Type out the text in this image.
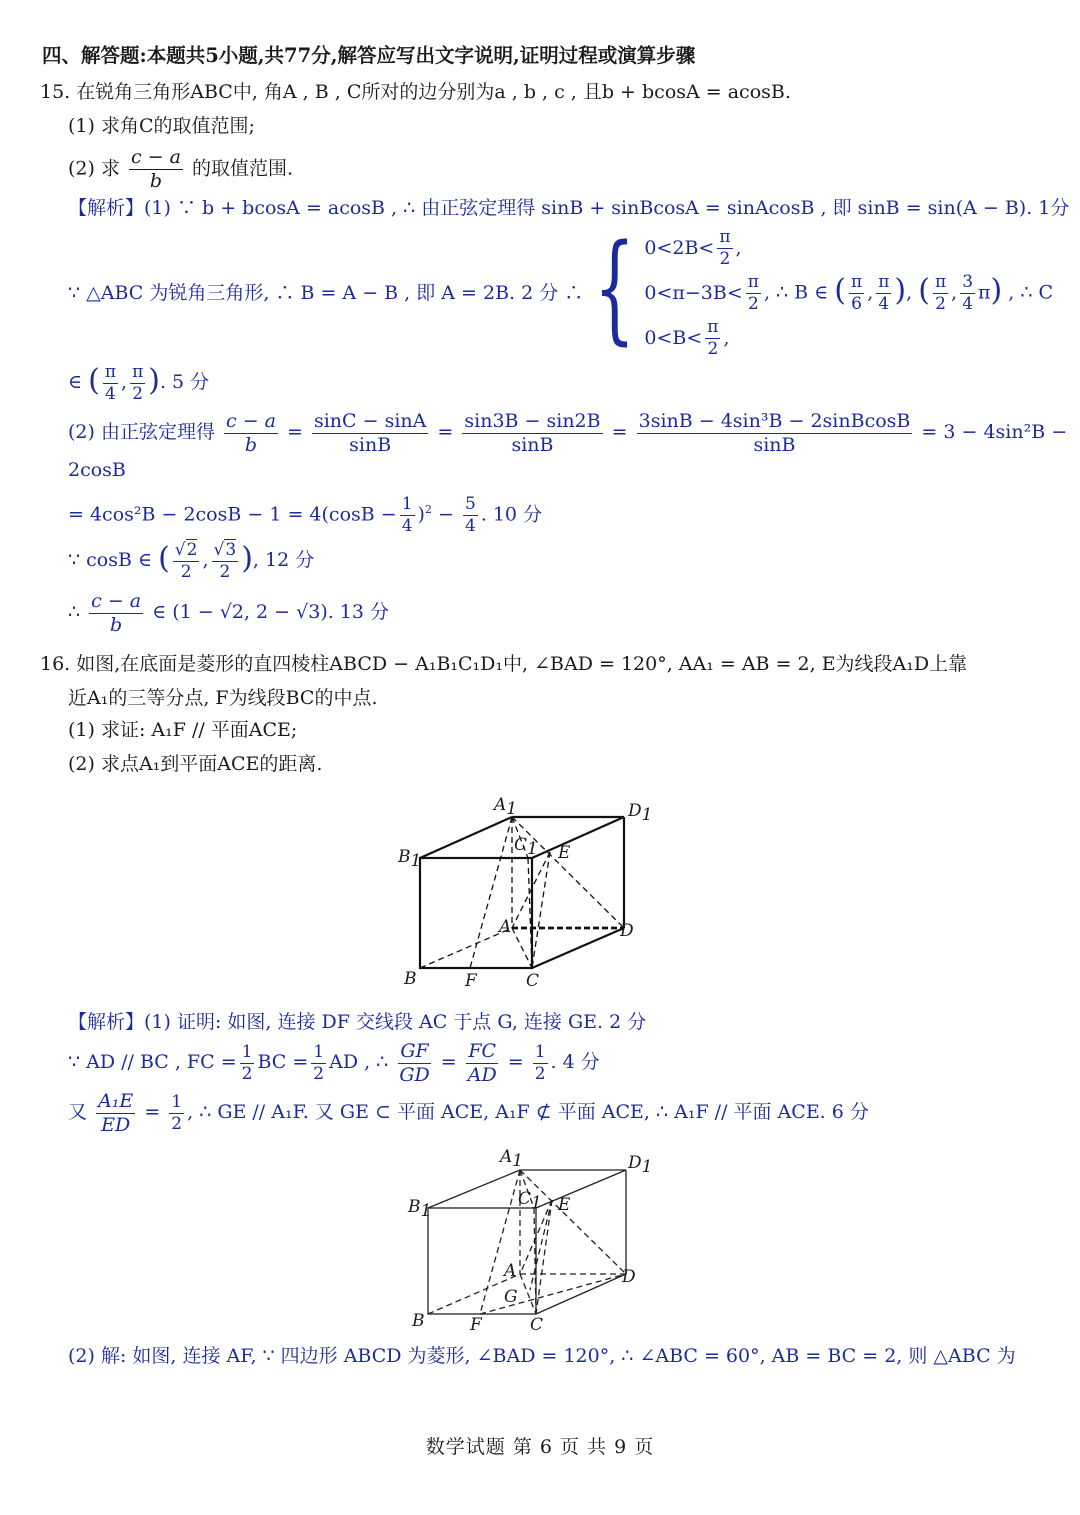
四、解答题:本题共5小题,共77分,解答应写出文字说明,证明过程或演算步骤
15. 在锐角三角形ABC中, 角A , B , C所对的边分别为a , b , c , 且b + bcosA = acosB.
(1) 求角C的取值范围;
(2) 求 $\frac{c - a}{b}$ 的取值范围.
【解析】(1) ∵ b + bcosA = acosB , ∴ 由正弦定理得 sinB + sinBcosA = sinAcosB , 即 sinB = sin(A − B). 1分
∵ △ABC 为锐角三角形, ∴ B = A − B , 即 A = 2B. 2 分 ∴ { $0<2B< \frac{\pi}{2}$ ,
$0<\pi-3B< \frac{\pi}{2}$
$0<B< \frac{\pi}{2}$ ,
, ∴ B ∈ ( $\frac{\pi}{6}$ , $\frac{\pi}{4}$ ), ( $\frac{\pi}{2}$ , $\frac{3}{4} \pi$) , ∴ C
∈ ( $\frac{\pi}{4}$ , $\frac{\pi}{2}$ ). 5 分
(2) 由正弦定理得 $\frac{c - a}{b} = \frac{\sin C - \sin A}{\sin B} = \frac{\sin 3B - \sin 2B}{\sin B} = \frac{\text{3sinB − 4sin³B − 2sinBcosB}}{\sin B} = 3 - 4\sin^2B$ −
2cosB
= $4\cos^2B - 2\cos B - 1 = 4(\cos B - \frac{1}{4} )^2 - \frac{5}{4}$ . 10 分
∵ cosB ∈ ( $\frac{√2}{2}$ , $\frac{√3}{2}$ ), 12 分
∴ $\frac{c - a}{b}$ ∈ (1 − √2, 2 − √3). 13 分
16. 如图,在底面是菱形的直四棱柱ABCD − A₁B₁C₁D₁中, ∠BAD = 120°, AA₁ = AB = 2, E为线段A₁D上靠
近A₁的三等分点, F为线段BC的中点.
(1) 求证: A₁F // 平面ACE;
(2) 求点A₁到平面ACE的距离.
A1	D1
B1
C1 E
A	D
B	F	C
【解析】(1) 证明: 如图, 连接 DF 交线段 AC 于点 G, 连接 GE. 2 分
∵ AD // BC , FC = $\frac{1}{2}$ BC = $\frac{1}{2}$ AD , ∴ $\frac{GF}{GD} = \frac{FC}{AD} = \frac{1}{2}$ . 4 分
又 $\frac{\text{A₁E}}{ED} = \frac{1}{2}$ , ∴ GE // A₁F. 又 GE ⊂ 平面 ACE, A₁F ⊄ 平面 ACE, ∴ A₁F // 平面 ACE. 6 分
A1	D1
B1
C1 E
A	D
G
B	F	C
(2) 解: 如图, 连接 AF, ∵ 四边形 ABCD 为菱形, ∠BAD = 120°, ∴ ∠ABC = 60°, AB = BC = 2, 则 △ABC 为
数学试题 第 6 页 共 9 页
